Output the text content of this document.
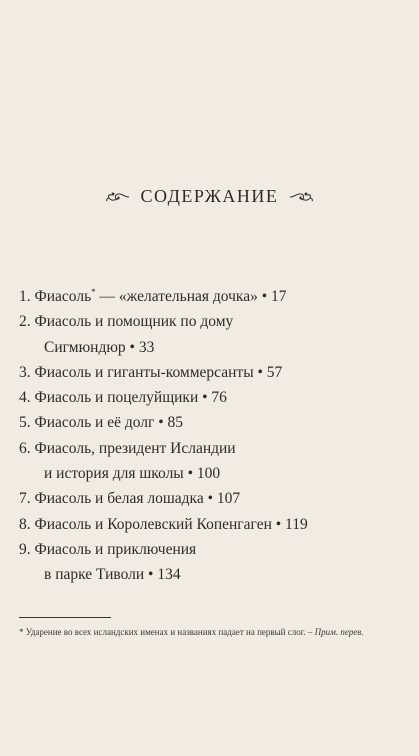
СОДЕРЖАНИЕ
1. Фиасоль* — «желательная дочка» • 17
2. Фиасоль и помощник по дому
Сигмюндюр • 33
3. Фиасоль и гиганты-коммерсанты • 57
4. Фиасоль и поцелуйщики • 76
5. Фиасоль и её долг • 85
6. Фиасоль, президент Исландии
и история для школы • 100
7. Фиасоль и белая лошадка • 107
8. Фиасоль и Королевский Копенгаген • 119
9. Фиасоль и приключения
в парке Тиволи • 134
* Ударение во всех исландских именах и названиях падает на первый слог. – Прим. перев.
